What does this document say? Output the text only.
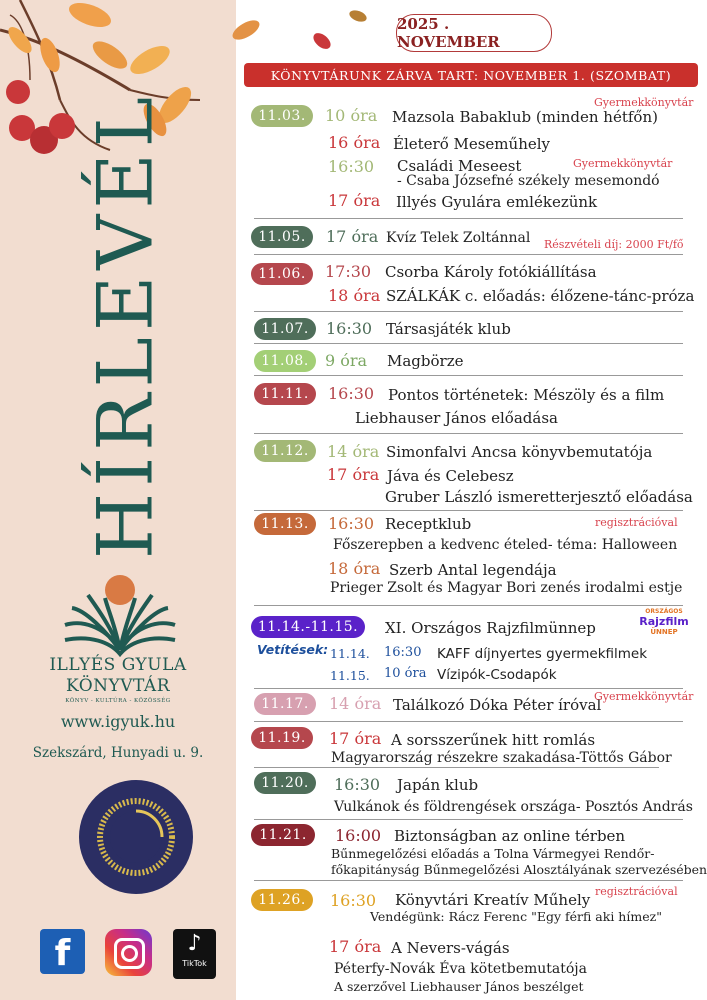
HÍRLEVÉL
ILLYÉS GYULA
KÖNYVTÁR
KÖNYV - KULTÚRA - KÖZÖSSÉG
www.igyuk.hu
Szekszárd, Hunyadi u. 9.
f	♪
TikTok
2025 . NOVEMBER
KÖNYVTÁRUNK ZÁRVA TART: NOVEMBER 1. (SZOMBAT)
11.03.
Gyermekkönyvtár
10 óra Mazsola Babaklub (minden hétfőn)
16 óra Életerő Meseműhely
16:30 Családi Meseest	Gyermekkönyvtár
- Csaba Józsefné székely mesemondó
17 óra Illyés Gyulára emlékezünk
11.05.	17 óra Kvíz Telek Zoltánnal Részvételi díj: 2000 Ft/fő
11.06.	17:30 Csorba Károly fotókiállítása
18 óra SZÁLKÁK c. előadás: élőzene-tánc-próza
11.07.	16:30 Társasjáték klub
11.08.	9 óra Magbörze
11.11.	16:30 Pontos történetek: Mészöly és a film
Liebhauser János előadása
11.12.	14 óra Simonfalvi Ancsa könyvbemutatója
17 óra Jáva és Celebesz
Gruber László ismeretterjesztő előadása
11.13.	16:30 Receptklub	regisztrációval
Főszerepben a kedvenc ételed- téma: Halloween
18 óra Szerb Antal legendája
Prieger Zsolt és Magyar Bori zenés irodalmi estje
11.14.-11.15.	XI. Országos Rajzfilmünnep
ORSZÁGOS
Rajzfilm
ÜNNEP
Vetítések: 11.14. 16:30 KAFF díjnyertes gyermekfilmek
11.15. 10 óra Vízipók-Csodapók
11.17.	14 óra Találkozó Dóka Péter íróval
Gyermekkönyvtár
11.19.	17 óra A sorsszerűnek hitt romlás
Magyarország részekre szakadása-Töttős Gábor
11.20.	16:30 Japán klub
Vulkánok és földrengések országa- Posztós András
11.21.	16:00 Biztonságban az online térben
Bűnmegelőzési előadás a Tolna Vármegyei Rendőr-
főkapitányság Bűnmegelőzési Alosztályának szervezésében
11.26.	16:30 Könyvtári Kreatív Műhely regisztrációval
Vendégünk: Rácz Ferenc "Egy férfi aki hímez"
17 óra A Nevers-vágás
Péterfy-Novák Éva kötetbemutatója
A szerzővel Liebhauser János beszélget
